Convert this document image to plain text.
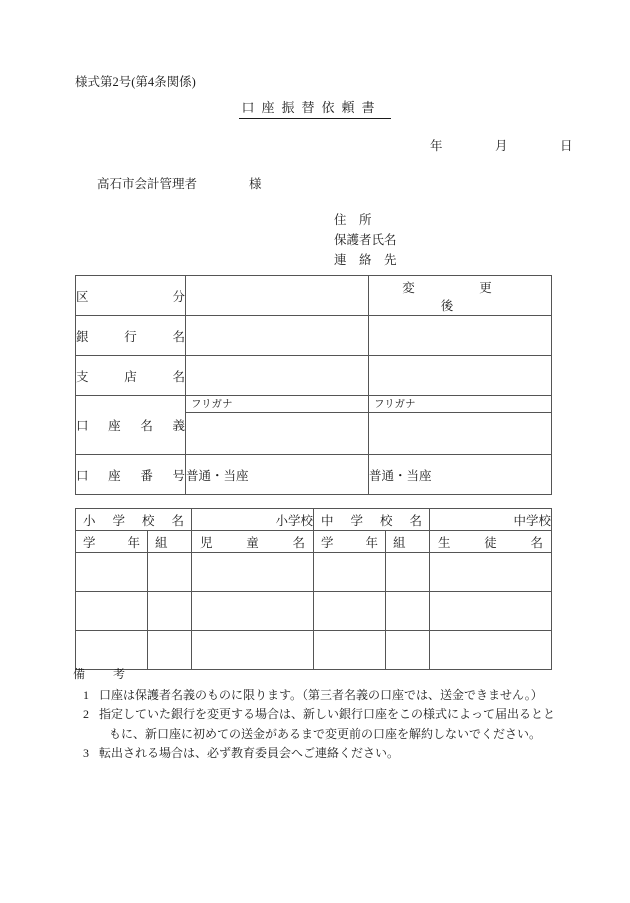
様式第2号(第4条関係)
口座振替依頼書
年　月　日
高石市会計管理者	様
住　所
保護者氏名
連　絡　先
区　分		変　更　後
銀　行　名		
支　店　名		
口　座　名　義	フリガナ	フリガナ

口　座　番　号	普通・当座	普通・当座
小　学　校　名		小学校	中　学　校　名		中学校
学　年	組	児　童　名	学　年	組	生　徒　名

備　考
1 口座は保護者名義のものに限ります。（第三者名義の口座では、送金できません。）
2 指定していた銀行を変更する場合は、新しい銀行口座をこの様式によって届出るとと
もに、新口座に初めての送金があるまで変更前の口座を解約しないでください。
3 転出される場合は、必ず教育委員会へご連絡ください。
